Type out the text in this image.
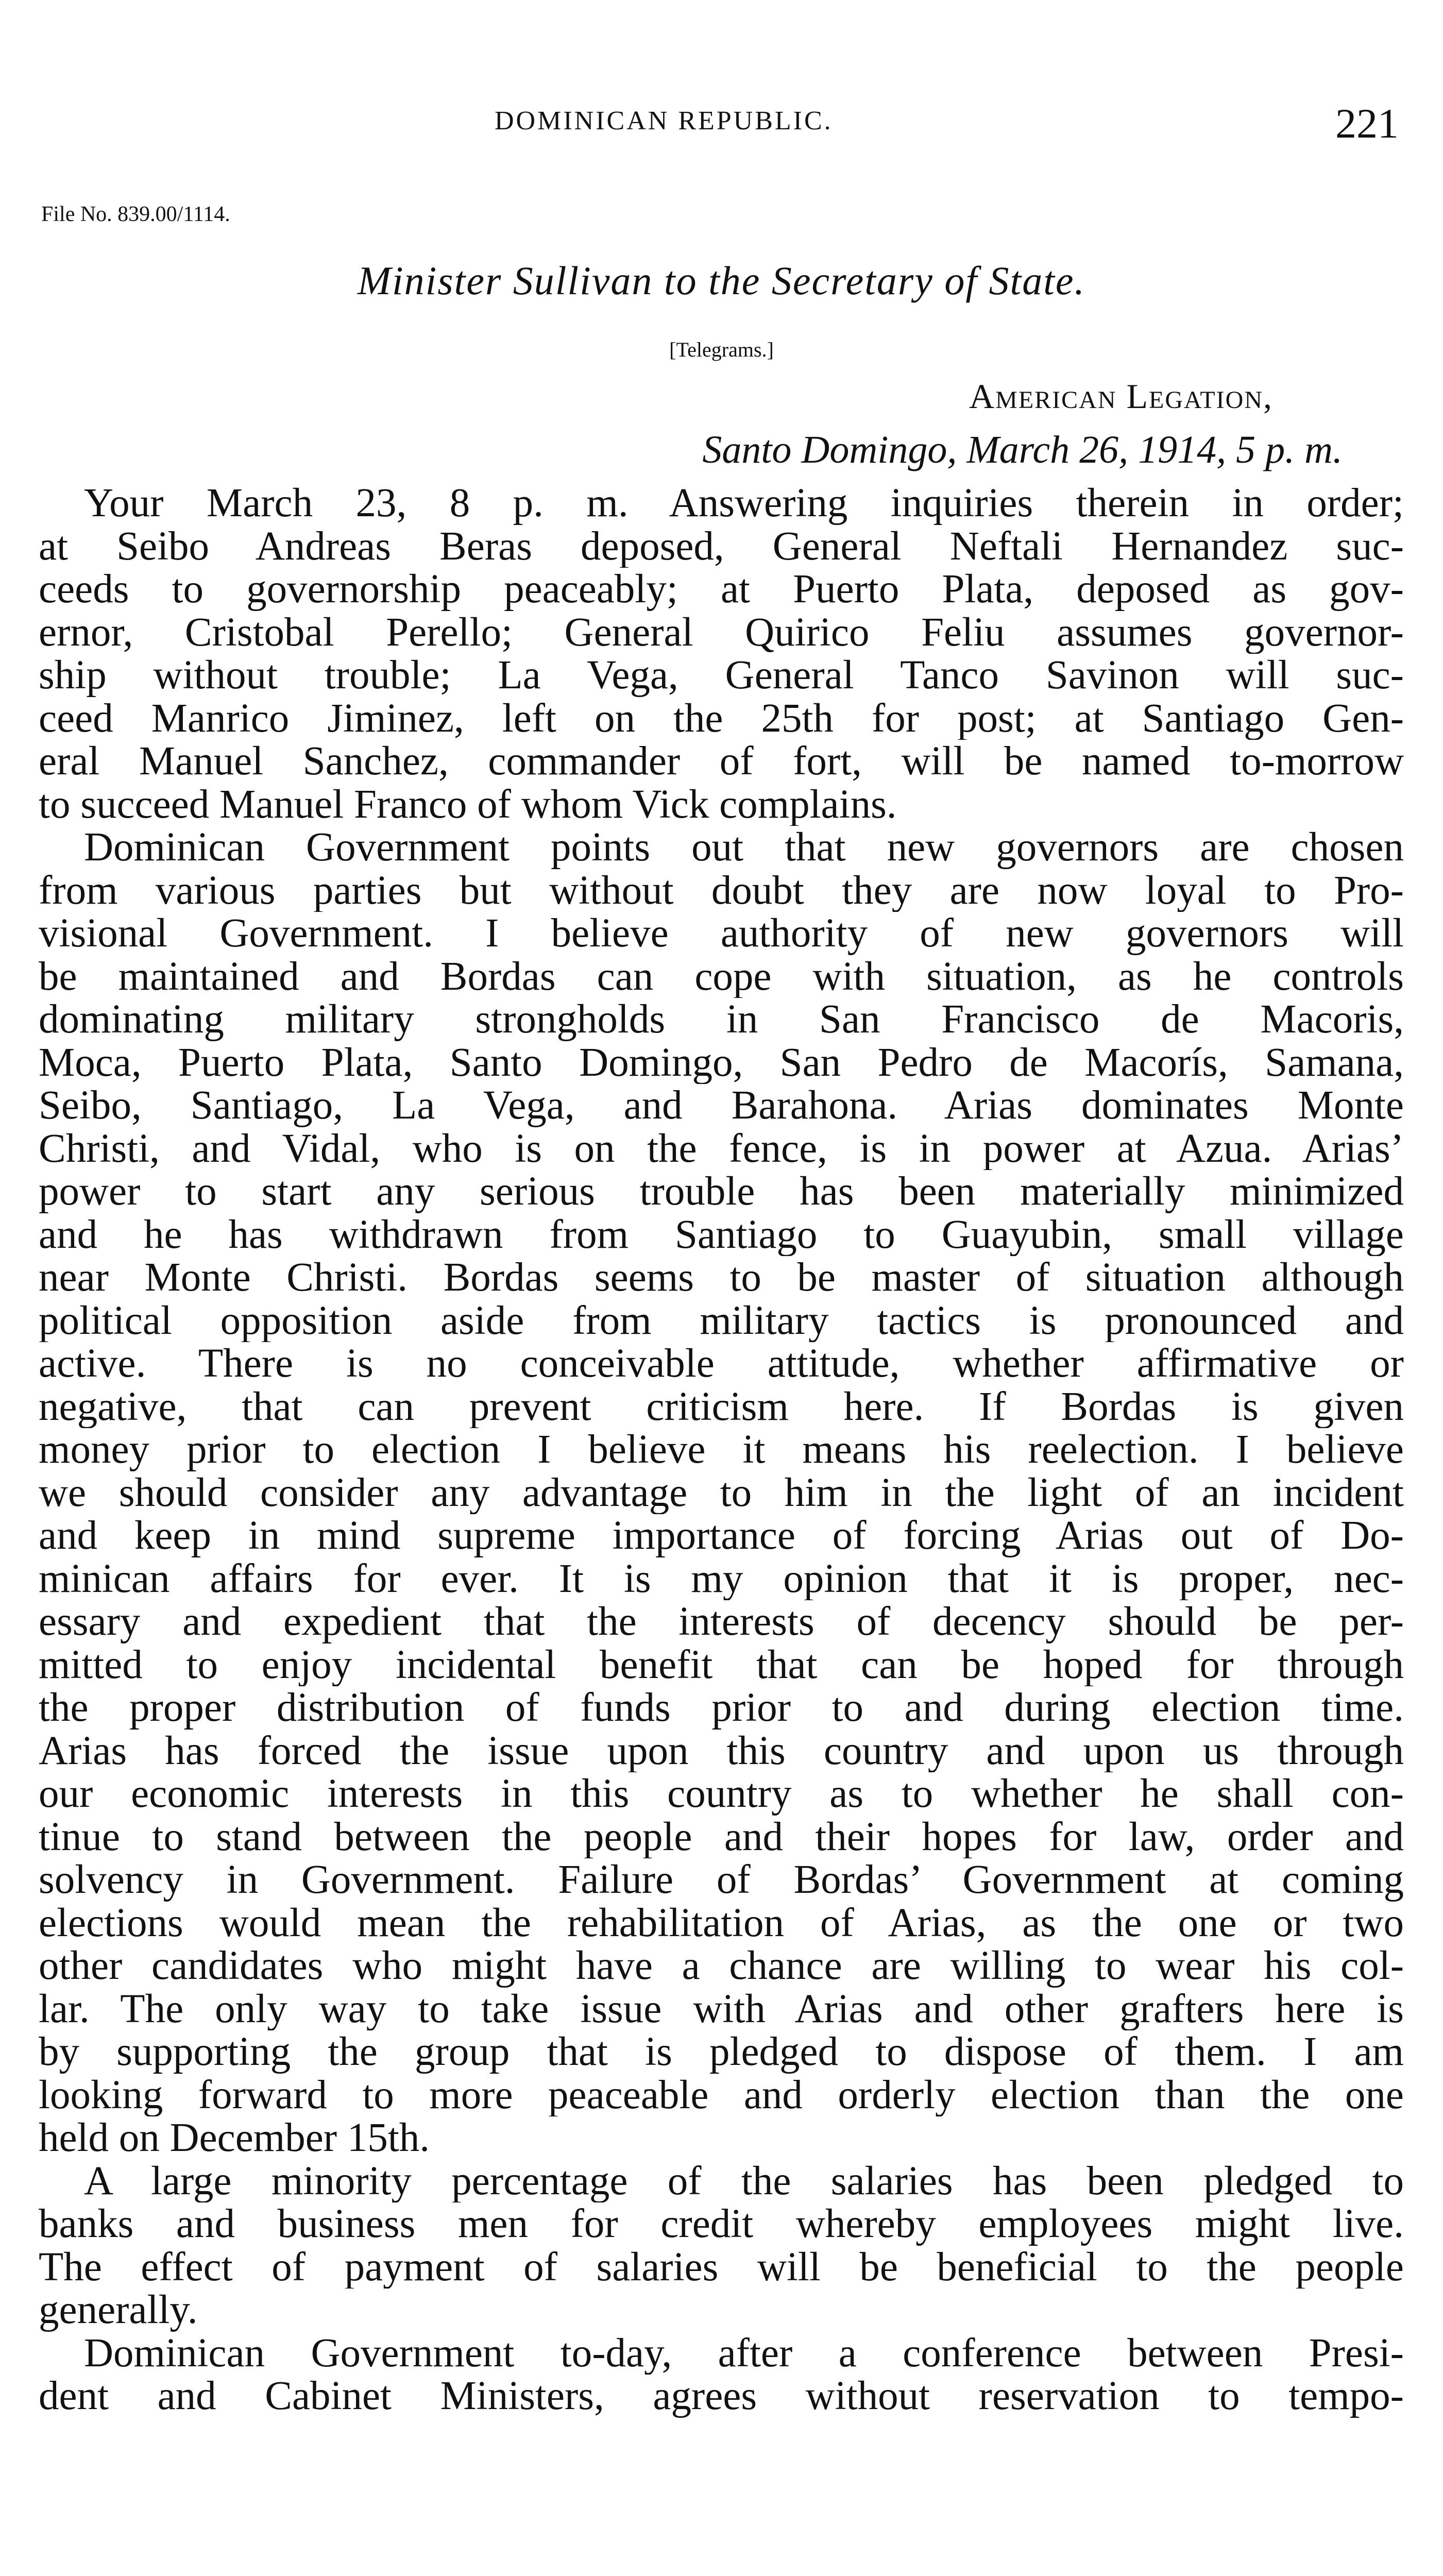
DOMINICAN REPUBLIC.	221
File No. 839.00/1114.
Minister Sullivan to the Secretary of State.
[Telegrams.]
American Legation,
Santo Domingo, March 26, 1914, 5 p. m.
Your March 23, 8 p. m. Answering inquiries therein in order;
at Seibo Andreas Beras deposed, General Neftali Hernandez suc-
ceeds to governorship peaceably; at Puerto Plata, deposed as gov-
ernor, Cristobal Perello; General Quirico Feliu assumes governor-
ship without trouble; La Vega, General Tanco Savinon will suc-
ceed Manrico Jiminez, left on the 25th for post; at Santiago Gen-
eral Manuel Sanchez, commander of fort, will be named to-morrow
to succeed Manuel Franco of whom Vick complains.
Dominican Government points out that new governors are chosen
from various parties but without doubt they are now loyal to Pro-
visional Government. I believe authority of new governors will
be maintained and Bordas can cope with situation, as he controls
dominating military strongholds in San Francisco de Macoris,
Moca, Puerto Plata, Santo Domingo, San Pedro de Macorís, Samana,
Seibo, Santiago, La Vega, and Barahona. Arias dominates Monte
Christi, and Vidal, who is on the fence, is in power at Azua. Arias’
power to start any serious trouble has been materially minimized
and he has withdrawn from Santiago to Guayubin, small village
near Monte Christi. Bordas seems to be master of situation although
political opposition aside from military tactics is pronounced and
active. There is no conceivable attitude, whether affirmative or
negative, that can prevent criticism here. If Bordas is given
money prior to election I believe it means his reelection. I believe
we should consider any advantage to him in the light of an incident
and keep in mind supreme importance of forcing Arias out of Do-
minican affairs for ever. It is my opinion that it is proper, nec-
essary and expedient that the interests of decency should be per-
mitted to enjoy incidental benefit that can be hoped for through
the proper distribution of funds prior to and during election time.
Arias has forced the issue upon this country and upon us through
our economic interests in this country as to whether he shall con-
tinue to stand between the people and their hopes for law, order and
solvency in Government. Failure of Bordas’ Government at coming
elections would mean the rehabilitation of Arias, as the one or two
other candidates who might have a chance are willing to wear his col-
lar. The only way to take issue with Arias and other grafters here is
by supporting the group that is pledged to dispose of them. I am
looking forward to more peaceable and orderly election than the one
held on December 15th.
A large minority percentage of the salaries has been pledged to
banks and business men for credit whereby employees might live.
The effect of payment of salaries will be beneficial to the people
generally.
Dominican Government to-day, after a conference between Presi-
dent and Cabinet Ministers, agrees without reservation to tempo-
